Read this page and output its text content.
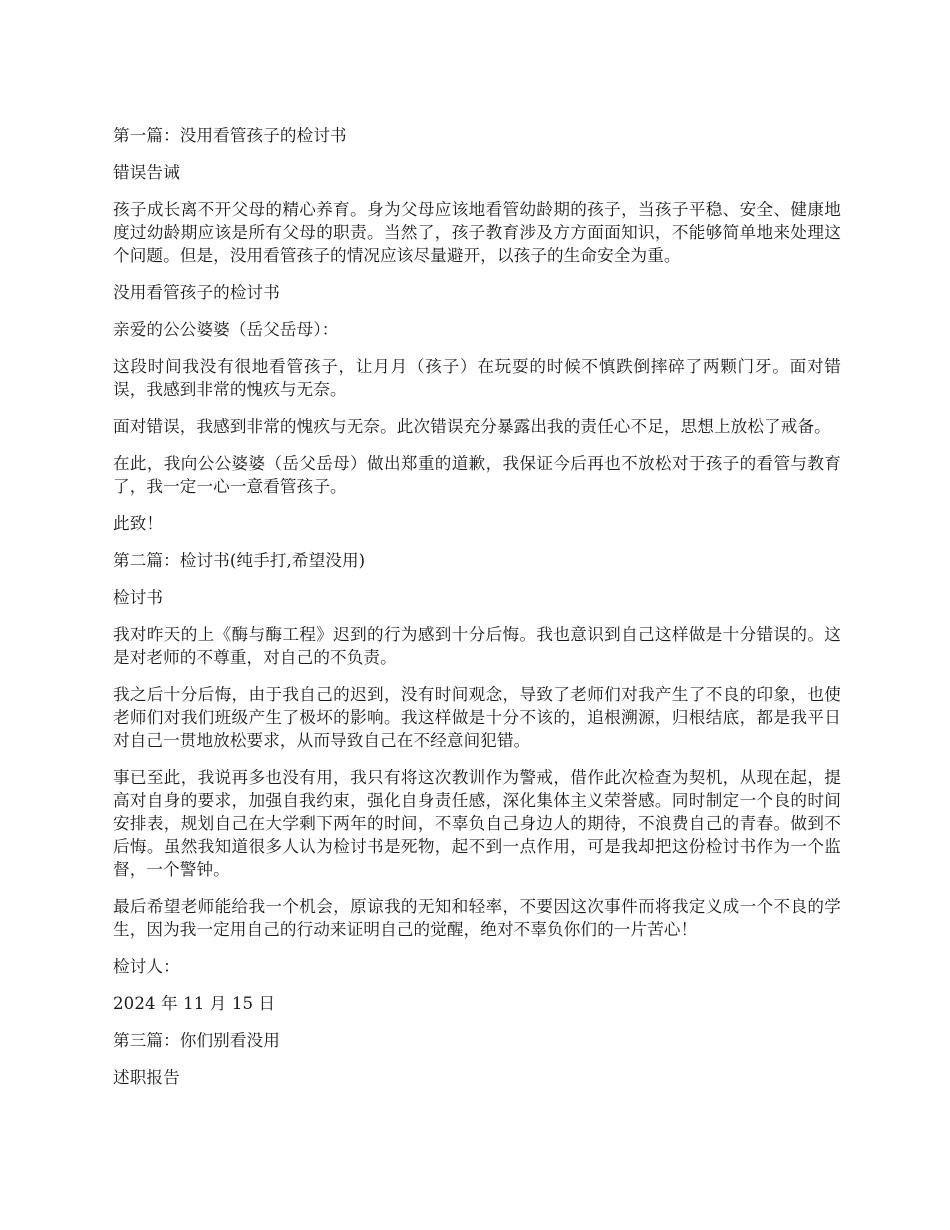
第一篇：没用看管孩子的检讨书

错误告诫

孩子成长离不开父母的精心养育。身为父母应该地看管幼龄期的孩子，当孩子平稳、安全、健康地度过幼龄期应该是所有父母的职责。当然了，孩子教育涉及方方面面知识，不能够简单地来处理这个问题。但是，没用看管孩子的情况应该尽量避开，以孩子的生命安全为重。

没用看管孩子的检讨书

亲爱的公公婆婆（岳父岳母）：

这段时间我没有很地看管孩子，让月月（孩子）在玩耍的时候不慎跌倒摔碎了两颗门牙。面对错误，我感到非常的愧疚与无奈。

面对错误，我感到非常的愧疚与无奈。此次错误充分暴露出我的责任心不足，思想上放松了戒备。

在此，我向公公婆婆（岳父岳母）做出郑重的道歉，我保证今后再也不放松对于孩子的看管与教育了，我一定一心一意看管孩子。

此致！

第二篇：检讨书(纯手打,希望没用)

检讨书

我对昨天的上《酶与酶工程》迟到的行为感到十分后悔。我也意识到自己这样做是十分错误的。这是对老师的不尊重，对自己的不负责。

我之后十分后悔，由于我自己的迟到，没有时间观念，导致了老师们对我产生了不良的印象，也使老师们对我们班级产生了极坏的影响。我这样做是十分不该的，追根溯源，归根结底，都是我平日对自己一贯地放松要求，从而导致自己在不经意间犯错。

事已至此，我说再多也没有用，我只有将这次教训作为警戒，借作此次检查为契机，从现在起，提高对自身的要求，加强自我约束，强化自身责任感，深化集体主义荣誉感。同时制定一个良的时间安排表，规划自己在大学剩下两年的时间，不辜负自己身边人的期待，不浪费自己的青春。做到不后悔。虽然我知道很多人认为检讨书是死物，起不到一点作用，可是我却把这份检讨书作为一个监督，一个警钟。

最后希望老师能给我一个机会，原谅我的无知和轻率，不要因这次事件而将我定义成一个不良的学生，因为我一定用自己的行动来证明自己的觉醒，绝对不辜负你们的一片苦心！

检讨人：

2024 年 11 月 15 日

第三篇：你们别看没用

述职报告
